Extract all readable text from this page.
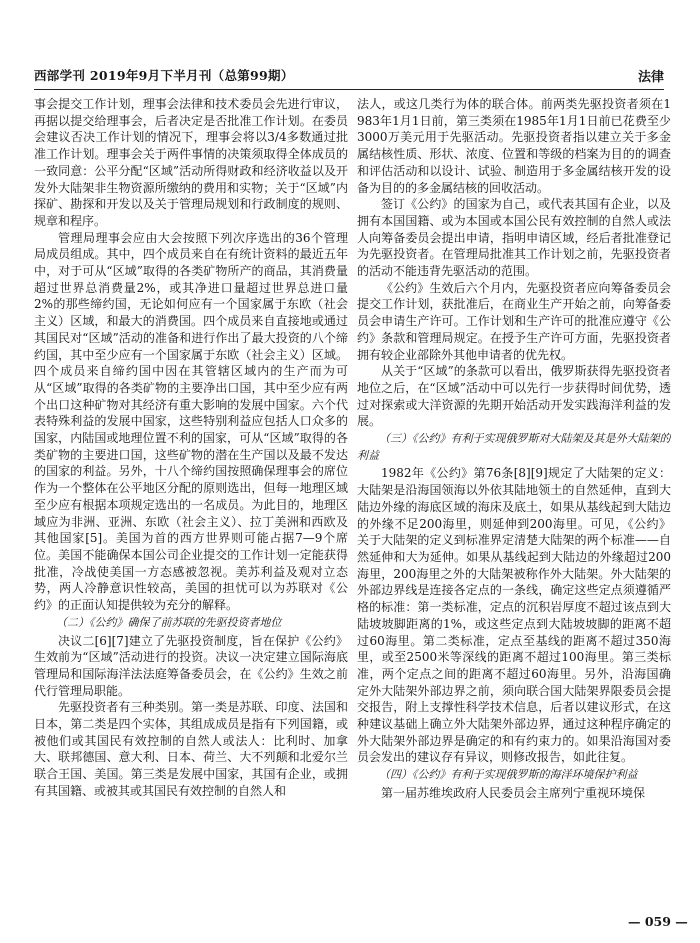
西部学刊 2019年9月下半月刊（总第99期）	法律

事会提交工作计划，理事会法律和技术委员会先进行审议，再据以提交给理事会，后者决定是否批准工作计划。在委员会建议否决工作计划的情况下，理事会将以3/4多数通过批准工作计划。理事会关于两件事情的决策须取得全体成员的一致同意：公平分配“区域”活动所得财政和经济收益以及开发外大陆架非生物资源所缴纳的费用和实物；关于“区域”内探矿、勘探和开发以及关于管理局规划和行政制度的规则、规章和程序。

管理局理事会应由大会按照下列次序选出的36个管理局成员组成。其中，四个成员来自在有统计资料的最近五年中，对于可从“区域”取得的各类矿物所产的商品，其消费量超过世界总消费量2%，或其净进口量超过世界总进口量2%的那些缔约国，无论如何应有一个国家属于东欧（社会主义）区域，和最大的消费国。四个成员来自直接地或通过其国民对“区域”活动的准备和进行作出了最大投资的八个缔约国，其中至少应有一个国家属于东欧（社会主义）区域。四个成员来自缔约国中因在其管辖区域内的生产而为可从“区域”取得的各类矿物的主要净出口国，其中至少应有两个出口这种矿物对其经济有重大影响的发展中国家。六个代表特殊利益的发展中国家，这些特别利益应包括人口众多的国家，内陆国或地理位置不利的国家，可从“区域”取得的各类矿物的主要进口国，这些矿物的潜在生产国以及最不发达的国家的利益。另外，十八个缔约国按照确保理事会的席位作为一个整体在公平地区分配的原则选出，但每一地理区域至少应有根据本项规定选出的一名成员。为此目的，地理区域应为非洲、亚洲、东欧（社会主义）、拉丁美洲和西欧及其他国家[5]。美国为首的西方世界则可能占据7—9个席位。美国不能确保本国公司企业提交的工作计划一定能获得批准，冷战使美国一方态感被忽视。美苏利益及观对立态势，两人冷静意识性较高，美国的担忧可以为苏联对《公约》的正面认知提供较为充分的解释。

（二）《公约》确保了前苏联的先驱投资者地位

决议二[6][7]建立了先驱投资制度，旨在保护《公约》生效前为“区域”活动进行的投资。决议一决定建立国际海底管理局和国际海洋法法庭筹备委员会，在《公约》生效之前代行管理局职能。

先驱投资者有三种类别。第一类是苏联、印度、法国和日本，第二类是四个实体，其组成成员是指有下列国籍，或被他们或其国民有效控制的自然人或法人：比利时、加拿大、联邦德国、意大利、日本、荷兰、大不列颠和北爱尔兰联合王国、美国。第三类是发展中国家，其国有企业，或拥有其国籍、或被其或其国民有效控制的自然人和

法人，或这几类行为体的联合体。前两类先驱投资者须在1983年1月1日前，第三类须在1985年1月1日前已花费至少3000万美元用于先驱活动。先驱投资者指以建立关于多金属结核性质、形状、浓度、位置和等级的档案为目的的调查和评估活动和以设计、试验、制造用于多金属结核开发的设备为目的的多金属结核的回收活动。

签订《公约》的国家为自己，或代表其国有企业，以及拥有本国国籍、或为本国或本国公民有效控制的自然人或法人向筹备委员会提出申请，指明申请区域，经后者批准登记为先驱投资者。在管理局批准其工作计划之前，先驱投资者的活动不能违背先驱活动的范围。

《公约》生效后六个月内，先驱投资者应向筹备委员会提交工作计划，获批准后，在商业生产开始之前，向筹备委员会申请生产许可。工作计划和生产许可的批准应遵守《公约》条款和管理局规定。在授予生产许可方面，先驱投资者拥有较企业部除外其他申请者的优先权。

从关于“区域”的条款可以看出，俄罗斯获得先驱投资者地位之后，在“区域”活动中可以先行一步获得时间优势，透过对探索或大洋资源的先期开始活动开发实践海洋利益的发展。

（三）《公约》有利于实现俄罗斯对大陆架及其是外大陆架的利益

1982年《公约》第76条[8][9]规定了大陆架的定义：大陆架是沿海国领海以外依其陆地领土的自然延伸，直到大陆边外缘的海底区域的海床及底土，如果从基线起到大陆边的外缘不足200海里，则延伸到200海里。可见，《公约》关于大陆架的定义到标准界定清楚大陆架的两个标准——自然延伸和大为延伸。如果从基线起到大陆边的外缘超过200海里，200海里之外的大陆架被称作外大陆架。外大陆架的外部边界线是连接各定点的一条线，确定这些定点须遵循严格的标准：第一类标准，定点的沉积岩厚度不超过该点到大陆坡坡脚距离的1%，或这些定点到大陆坡坡脚的距离不超过60海里。第二类标准，定点至基线的距离不超过350海里，或至2500米等深线的距离不超过100海里。第三类标准，两个定点之间的距离不超过60海里。另外，沿海国确定外大陆架外部边界之前，须向联合国大陆架界限委员会提交报告，附上支撑性科学技术信息，后者以建议形式，在这种建议基础上确立外大陆架外部边界，通过这种程序确定的外大陆架外部边界是确定的和有约束力的。如果沿海国对委员会发出的建议存有异议，则修改报告，如此往复。

（四）《公约》有利于实现俄罗斯的海洋环境保护利益

第一届苏维埃政府人民委员会主席列宁重视环境保

— 059 —
